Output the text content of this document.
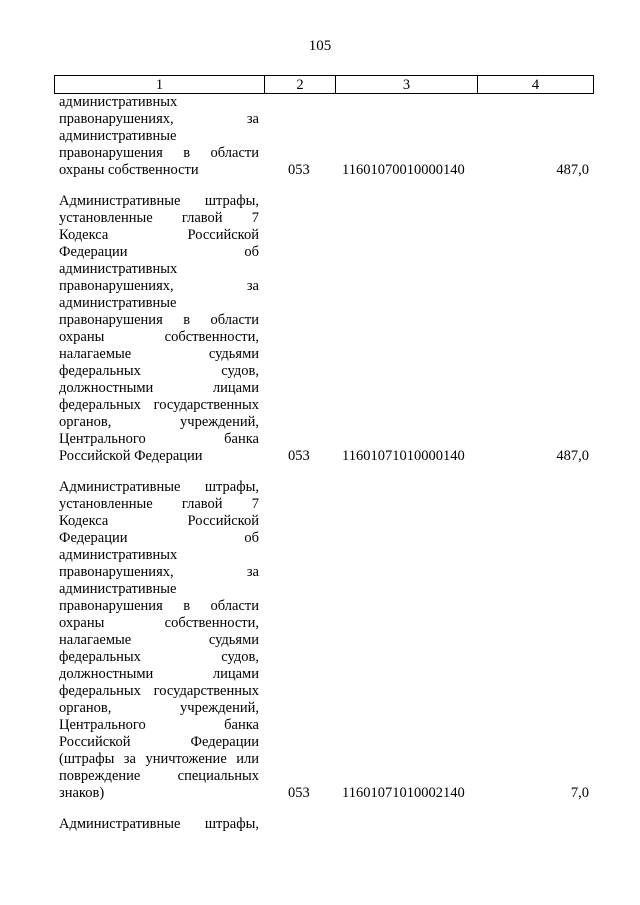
105
1	2	3	4
административных
правонарушениях, за
административные
правонарушения в области
охраны собственности	053 11601070010000140	487,0
Административные штрафы,
установленные главой 7
Кодекса Российской
Федерации об
административных
правонарушениях, за
административные
правонарушения в области
охраны собственности,
налагаемые судьями
федеральных судов,
должностными лицами
федеральных государственных
органов, учреждений,
Центрального банка
Российской Федерации	053 11601071010000140	487,0
Административные штрафы,
установленные главой 7
Кодекса Российской
Федерации об
административных
правонарушениях, за
административные
правонарушения в области
охраны собственности,
налагаемые судьями
федеральных судов,
должностными лицами
федеральных государственных
органов, учреждений,
Центрального банка
Российской Федерации
(штрафы за уничтожение или
повреждение специальных
знаков)	053 11601071010002140	7,0
Административные штрафы,
